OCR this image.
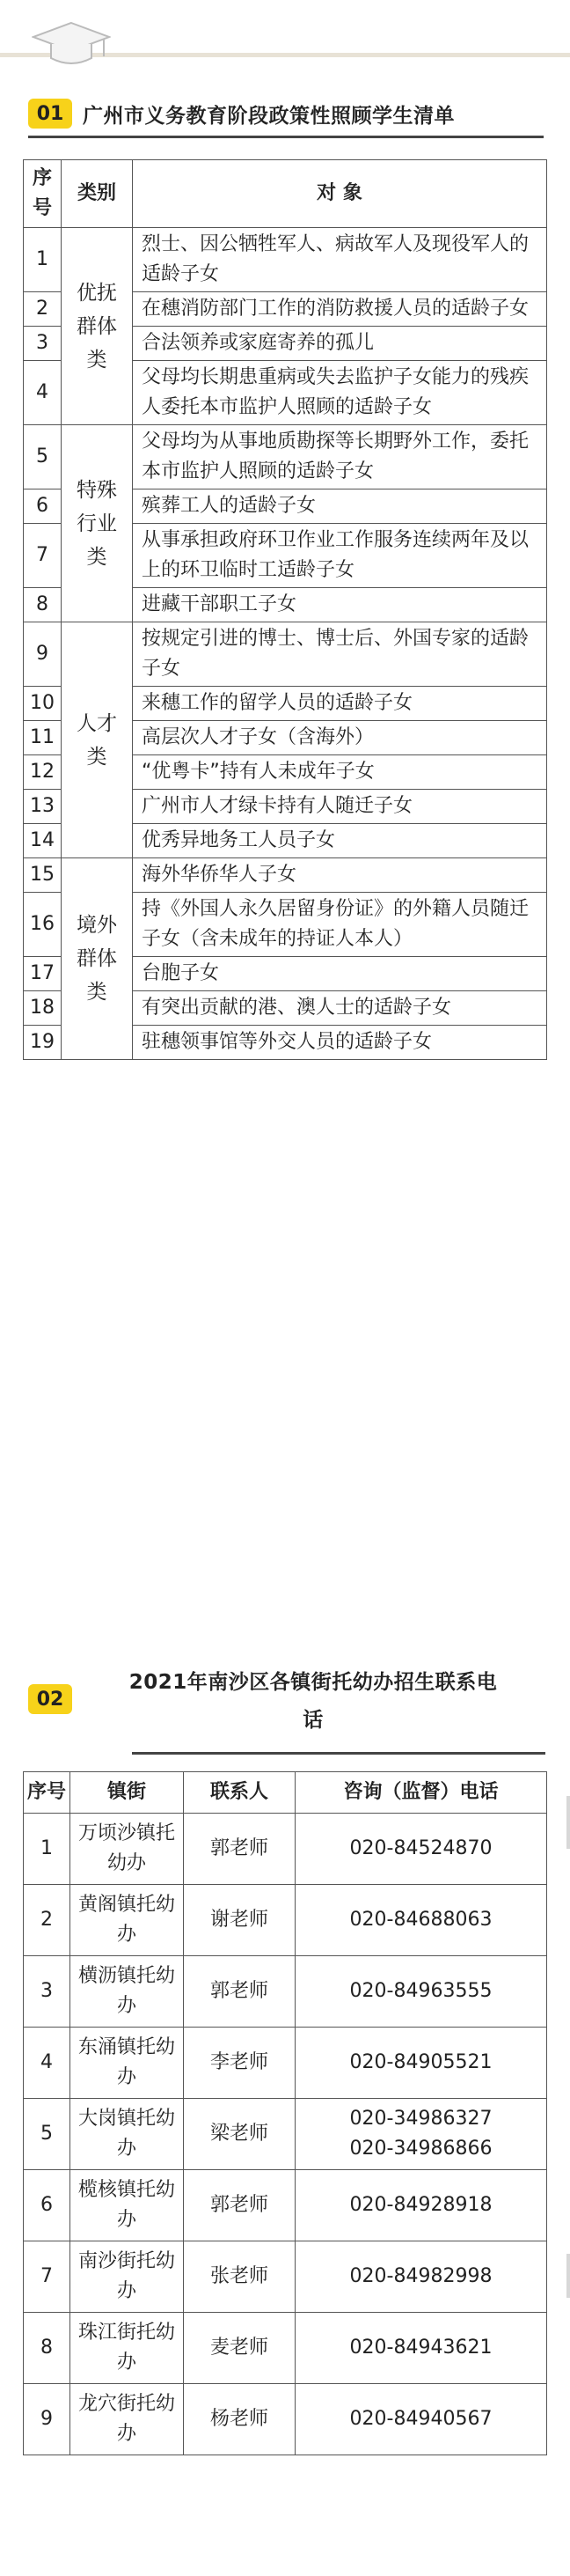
01 广州市义务教育阶段政策性照顾学生清单
序号	类别	对 象
1	优抚群体类	烈士、因公牺牲军人、病故军人及现役军人的适龄子女
2		在穗消防部门工作的消防救援人员的适龄子女
3		合法领养或家庭寄养的孤儿
4		父母均长期患重病或失去监护子女能力的残疾人委托本市监护人照顾的适龄子女
5	特殊行业类	父母均为从事地质勘探等长期野外工作，委托本市监护人照顾的适龄子女
6		殡葬工人的适龄子女
7		从事承担政府环卫作业工作服务连续两年及以上的环卫临时工适龄子女
8		进藏干部职工子女
9	人才类	按规定引进的博士、博士后、外国专家的适龄子女
10		来穗工作的留学人员的适龄子女
11		高层次人才子女（含海外）
12		“优粤卡”持有人未成年子女
13		广州市人才绿卡持有人随迁子女
14		优秀异地务工人员子女
15	境外群体类	海外华侨华人子女
16		持《外国人永久居留身份证》的外籍人员随迁子女（含未成年的持证人本人）
17		台胞子女
18		有突出贡献的港、澳人士的适龄子女
19		驻穗领事馆等外交人员的适龄子女
02
2021年南沙区各镇街托幼办招生联系电
话
序号	镇街	联系人	咨询（监督）电话
1	万顷沙镇托幼办	郭老师	020-84524870

2	黄阁镇托幼办	谢老师	020-84688063

3	横沥镇托幼办	郭老师	020-84963555

4	东涌镇托幼办	李老师	020-84905521

5	大岗镇托幼办	梁老师	020-34986327
020-34986866

6	榄核镇托幼办	郭老师	020-84928918

7	南沙街托幼办	张老师	020-84982998

8	珠江街托幼办	麦老师	020-84943621

9	龙穴街托幼办	杨老师	020-84940567
